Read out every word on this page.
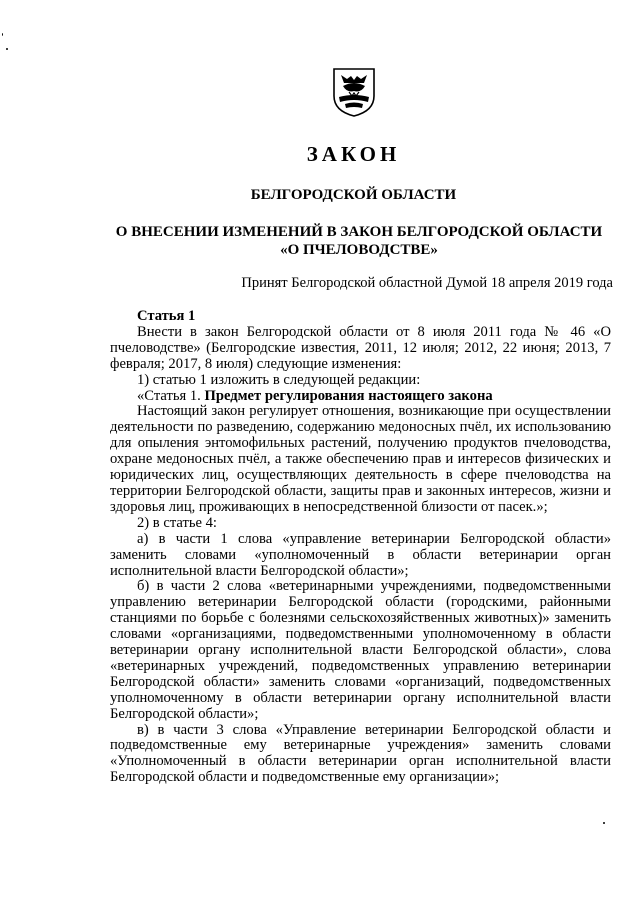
ЗАКОН
БЕЛГОРОДСКОЙ ОБЛАСТИ
О ВНЕСЕНИИ ИЗМЕНЕНИЙ В ЗАКОН БЕЛГОРОДСКОЙ ОБЛАСТИ
«О ПЧЕЛОВОДСТВЕ»
Принят Белгородской областной Думой 18 апреля 2019 года

Статья 1

Внести в закон Белгородской области от 8 июля 2011 года № 46 «О пчеловодстве» (Белгородские известия, 2011, 12 июля; 2012, 22 июня; 2013, 7 февраля; 2017, 8 июля) следующие изменения:

1) статью 1 изложить в следующей редакции:

«Статья 1. Предмет регулирования настоящего закона

Настоящий закон регулирует отношения, возникающие при осуществлении деятельности по разведению, содержанию медоносных пчёл, их использованию для опыления энтомофильных растений, получению продуктов пчеловодства, охране медоносных пчёл, а также обеспечению прав и интересов физических и юридических лиц, осуществляющих деятельность в сфере пчеловодства на территории Белгородской области, защиты прав и законных интересов, жизни и здоровья лиц, проживающих в непосредственной близости от пасек.»;

2) в статье 4:

а) в части 1 слова «управление ветеринарии Белгородской области» заменить словами «уполномоченный в области ветеринарии орган исполнительной власти Белгородской области»;

б) в части 2 слова «ветеринарными учреждениями, подведомственными управлению ветеринарии Белгородской области (городскими, районными станциями по борьбе с болезнями сельскохозяйственных животных)» заменить словами «организациями, подведомственными уполномоченному в области ветеринарии органу исполнительной власти Белгородской области», слова «ветеринарных учреждений, подведомственных управлению ветеринарии Белгородской области» заменить словами «организаций, подведомственных уполномоченному в области ветеринарии органу исполнительной власти Белгородской области»;

в) в части 3 слова «Управление ветеринарии Белгородской области и подведомственные ему ветеринарные учреждения» заменить словами «Уполномоченный в области ветеринарии орган исполнительной власти Белгородской области и подведомственные ему организации»;
